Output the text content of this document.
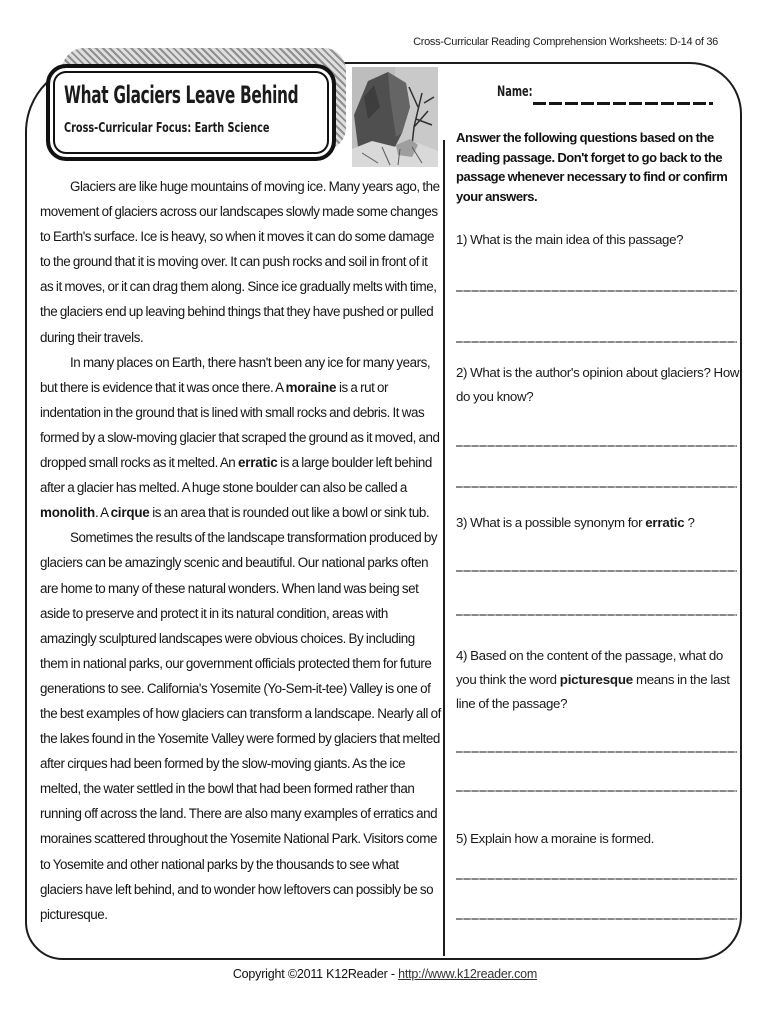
Cross-Curricular Reading Comprehension Worksheets: D-14 of 36
What Glaciers Leave Behind
Cross-Curricular Focus: Earth Science
Name:

Glaciers are like huge mountains of moving ice. Many years ago, the movement of glaciers across our landscapes slowly made some changes to Earth's surface. Ice is heavy, so when it moves it can do some damage to the ground that it is moving over. It can push rocks and soil in front of it as it moves, or it can drag them along. Since ice gradually melts with time, the glaciers end up leaving behind things that they have pushed or pulled during their travels.

In many places on Earth, there hasn't been any ice for many years, but there is evidence that it was once there. A moraine is a rut or indentation in the ground that is lined with small rocks and debris. It was formed by a slow-moving glacier that scraped the ground as it moved, and dropped small rocks as it melted. An erratic is a large boulder left behind after a glacier has melted. A huge stone boulder can also be called a monolith. A cirque is an area that is rounded out like a bowl or sink tub.

Sometimes the results of the landscape transformation produced by glaciers can be amazingly scenic and beautiful. Our national parks often are home to many of these natural wonders. When land was being set aside to preserve and protect it in its natural condition, areas with amazingly sculptured landscapes were obvious choices. By including them in national parks, our government officials protected them for future generations to see. California's Yosemite (Yo-Sem-it-tee) Valley is one of the best examples of how glaciers can transform a landscape. Nearly all of the lakes found in the Yosemite Valley were formed by glaciers that melted after cirques had been formed by the slow-moving giants. As the ice melted, the water settled in the bowl that had been formed rather than running off across the land. There are also many examples of erratics and moraines scattered throughout the Yosemite National Park. Visitors come to Yosemite and other national parks by the thousands to see what glaciers have left behind, and to wonder how leftovers can possibly be so picturesque.

Answer the following questions based on the reading passage. Don't forget to go back to the passage whenever necessary to find or confirm your answers.
1) What is the main idea of this passage?
2) What is the author's opinion about glaciers? How do you know?
3) What is a possible synonym for erratic ?
4) Based on the content of the passage, what do you think the word picturesque means in the last line of the passage?
5) Explain how a moraine is formed.
Copyright ©2011 K12Reader - http://www.k12reader.com
